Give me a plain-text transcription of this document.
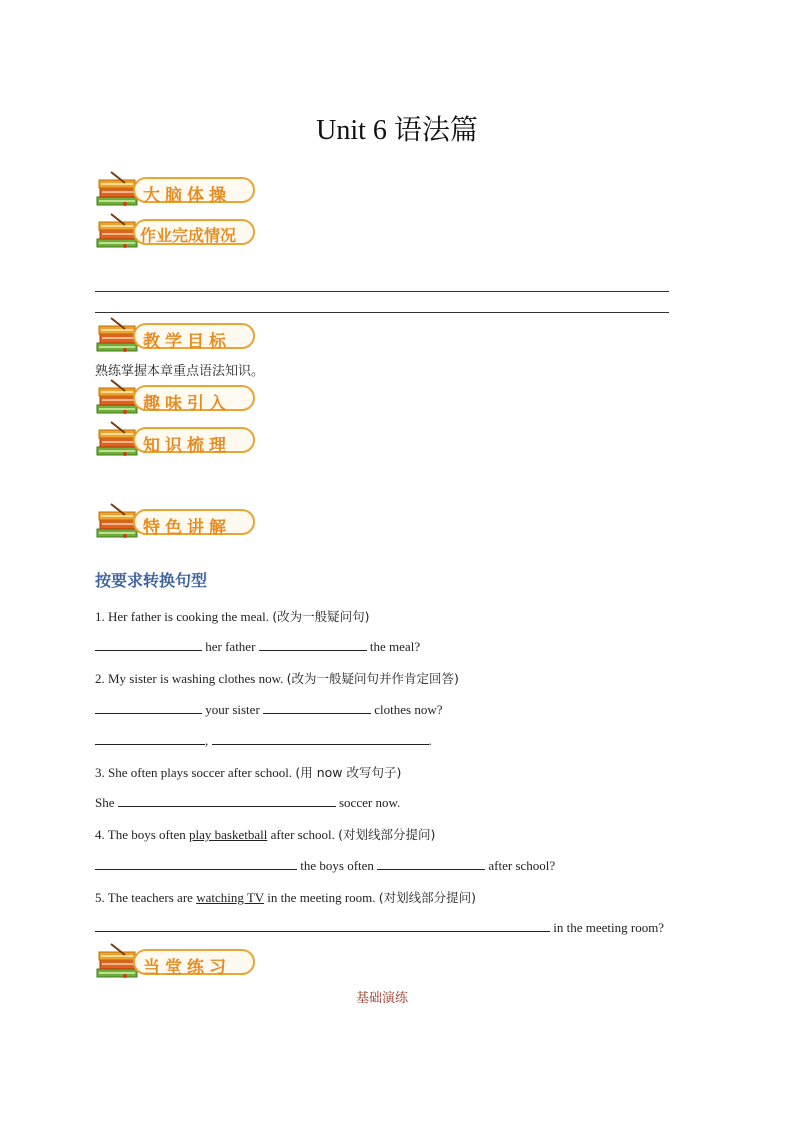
Unit 6 语法篇
大脑体操
作业完成情况
教学目标
熟练掌握本章重点语法知识。
趣味引入
知识梳理
特色讲解
按要求转换句型
1. Her father is cooking the meal. (改为一般疑问句)
her father	the meal?
2. My sister is washing clothes now. (改为一般疑问句并作肯定回答)
your sister	clothes now?
,	.
3. She often plays soccer after school. (用 now 改写句子)
She	soccer now.
4. The boys often play basketball after school. (对划线部分提问)
the boys often	after school?
5. The teachers are watching TV in the meeting room. (对划线部分提问)
in the meeting room?
当堂练习
基础演练
